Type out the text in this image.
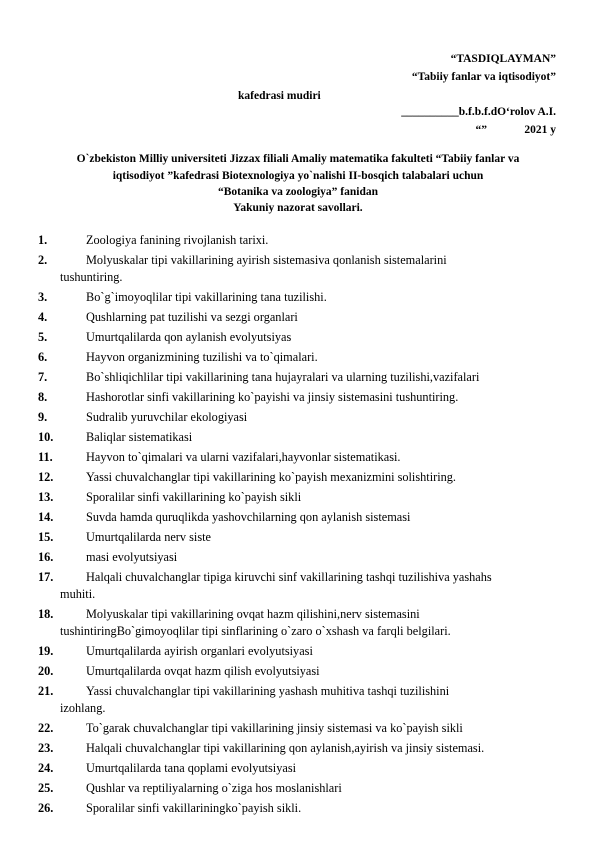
“TASDIQLAYMAN”
“Tabiiy fanlar va iqtisodiyot”
kafedrasi mudiri
__________b.f.b.f.dO‘rolov A.I.
“”             2021 y
O`zbekiston Milliy universiteti Jizzax filiali Amaliy matematika fakulteti “Tabiiy fanlar va
iqtisodiyot ”kafedrasi Biotexnologiya yo`nalishi II-bosqich talabalari uchun
“Botanika va zoologiya” fanidan
Yakuniy nazorat savollari.
1.	Zoologiya fanining rivojlanish tarixi.
2.	Molyuskalar tipi vakillarining ayirish sistemasiva qonlanish sistemalarini
tushuntiring.
3.	Bo`g`imoyoqlilar tipi vakillarining tana tuzilishi.
4.	Qushlarning pat tuzilishi va sezgi organlari
5.	Umurtqalilarda qon aylanish evolyutsiyas
6.	Hayvon organizmining tuzilishi va to`qimalari.
7.	Bo`shliqichlilar tipi vakillarining tana hujayralari va ularning tuzilishi,vazifalari
8.	Hashorotlar sinfi vakillarining ko`payishi va jinsiy sistemasini tushuntiring.
9.	Sudralib yuruvchilar ekologiyasi
10.	Baliqlar sistematikasi
11.	Hayvon to`qimalari va ularni vazifalari,hayvonlar sistematikasi.
12.	Yassi chuvalchanglar tipi vakillarining ko`payish mexanizmini solishtiring.
13.	Sporalilar sinfi vakillarining ko`payish sikli
14.	Suvda hamda quruqlikda yashovchilarning qon aylanish sistemasi
15.	Umurtqalilarda nerv siste
16.	masi evolyutsiyasi
17.	Halqali chuvalchanglar tipiga kiruvchi sinf vakillarining tashqi tuzilishiva yashahs
muhiti.
18.	Molyuskalar tipi vakillarining ovqat hazm qilishini,nerv sistemasini
tushintiringBo`gimoyoqlilar tipi sinflarining o`zaro o`xshash va farqli belgilari.
19.	Umurtqalilarda ayirish organlari evolyutsiyasi
20.	Umurtqalilarda ovqat hazm qilish evolyutsiyasi
21.	Yassi chuvalchanglar tipi vakillarining yashash muhitiva tashqi tuzilishini
izohlang.
22.	To`garak chuvalchanglar tipi vakillarining jinsiy sistemasi va ko`payish sikli
23.	Halqali chuvalchanglar tipi vakillarining qon aylanish,ayirish va jinsiy sistemasi.
24.	Umurtqalilarda tana qoplami evolyutsiyasi
25.	Qushlar va reptiliyalarning o`ziga hos moslanishlari
26.	Sporalilar sinfi vakillariningko`payish sikli.
